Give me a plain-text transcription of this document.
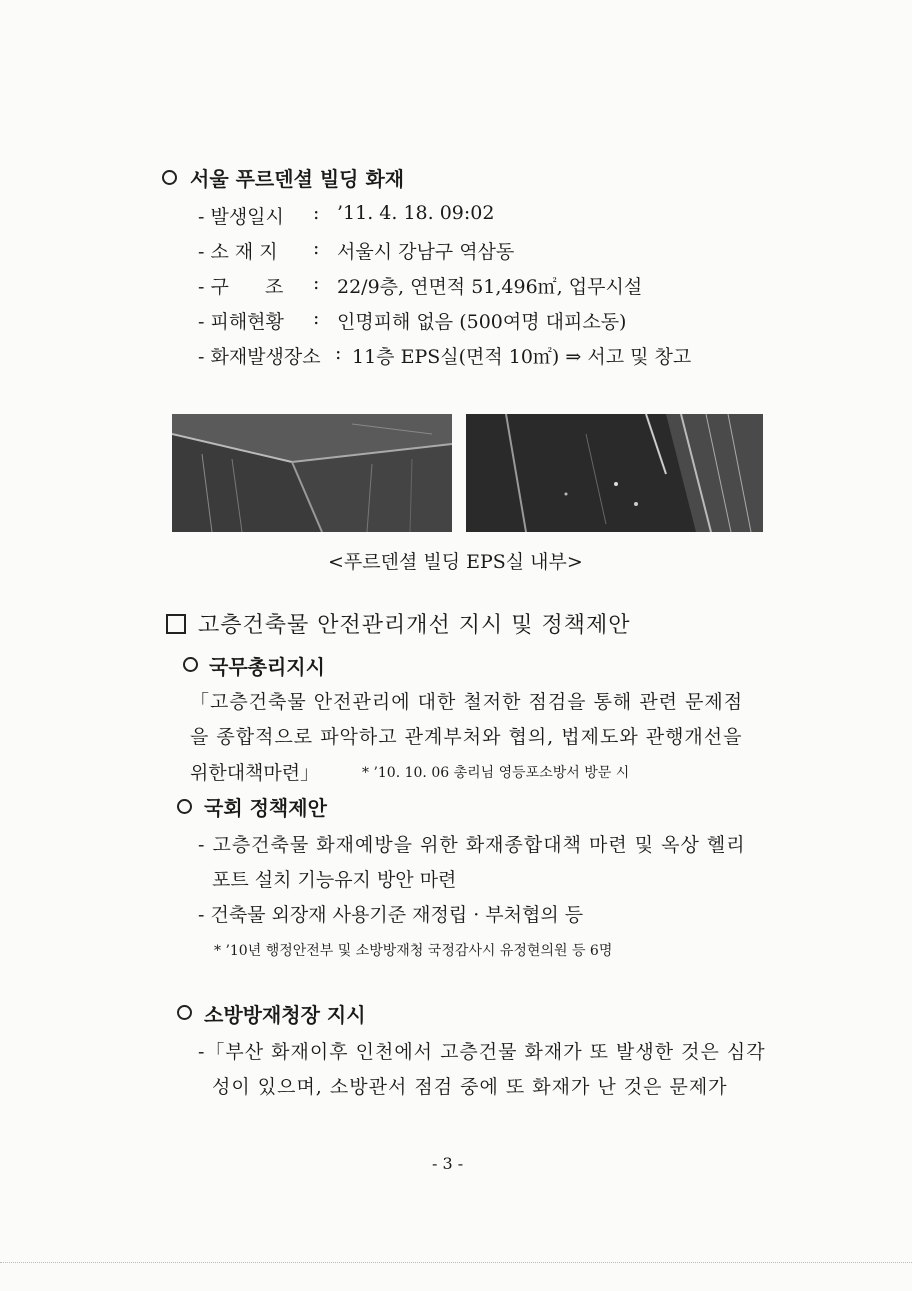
서울 푸르덴셜 빌딩 화재
- 발생일시 : ’11. 4. 18. 09:02
- 소 재 지 : 서울시 강남구 역삼동
- 구      조 : 22/9층, 연면적 51,496㎡, 업무시설
- 피해현황 : 인명피해 없음 (500여명 대피소동)
- 화재발생장소 : 11층 EPS실(면적 10㎡) ⇒ 서고 및 창고
<푸르덴셜 빌딩 EPS실 내부>
고층건축물 안전관리개선 지시 및 정책제안
국무총리지시
「고층건축물 안전관리에 대한 철저한 점검을 통해 관련 문제점
을 종합적으로 파악하고 관계부처와 협의, 법제도와 관행개선을
위한대책마련」	* ’10. 10. 06 총리님 영등포소방서 방문 시
국회 정책제안
- 고층건축물 화재예방을 위한 화재종합대책 마련 및 옥상 헬리
포트 설치 기능유지 방안 마련
- 건축물 외장재 사용기준 재정립 · 부처협의 등
* ’10년 행정안전부 및 소방방재청 국정감사시 유정현의원 등 6명
소방방재청장 지시
-「부산 화재이후 인천에서 고층건물 화재가 또 발생한 것은 심각
성이 있으며, 소방관서 점검 중에 또 화재가 난 것은 문제가
- 3 -
